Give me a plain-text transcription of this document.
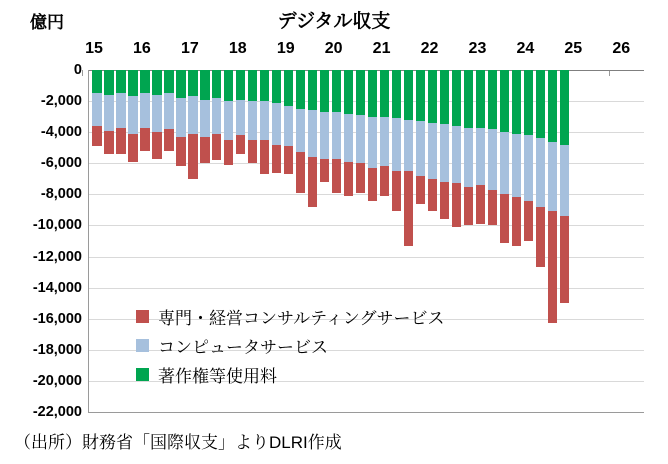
億円	デジタル収支
0
-2,000
-4,000
-6,000
-8,000
-10,000
-12,000
-14,000
-16,000
-18,000
-20,000
-22,000
15 16 17 18 19 20 21 22 23 24 25 26
専門・経営コンサルティングサービス
コンピュータサービス
著作権等使用料
（出所）財務省「国際収支」よりDLRI作成
